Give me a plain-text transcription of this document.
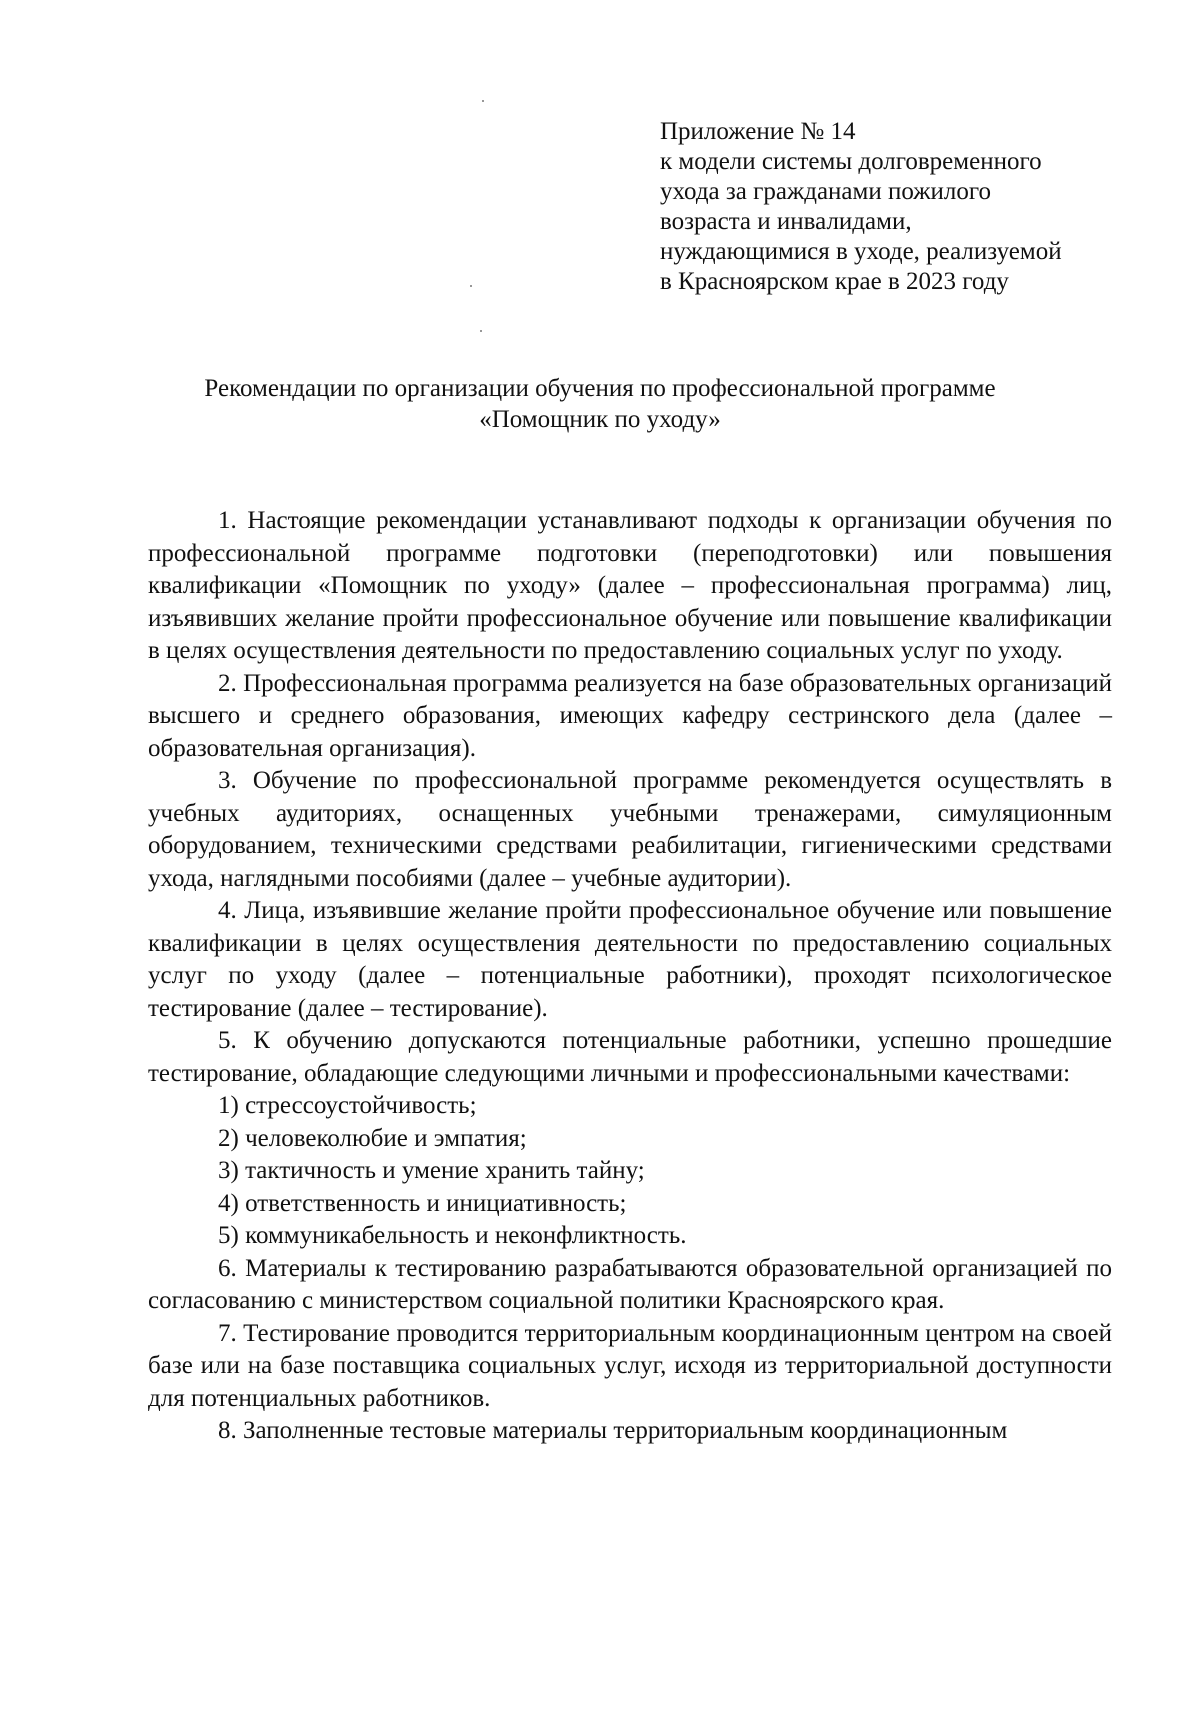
Приложение № 14
к модели системы долговременного
ухода за гражданами пожилого
возраста и инвалидами,
нуждающимися в уходе, реализуемой
в Красноярском крае в 2023 году
Рекомендации по организации обучения по профессиональной программе
«Помощник по уходу»

1. Настоящие рекомендации устанавливают подходы к организации обучения по профессиональной программе подготовки (переподготовки) или повышения квалификации «Помощник по уходу» (далее – профессиональная программа) лиц, изъявивших желание пройти профессиональное обучение или повышение квалификации в целях осуществления деятельности по предоставлению социальных услуг по уходу.

2. Профессиональная программа реализуется на базе образовательных организаций высшего и среднего образования, имеющих кафедру сестринского дела (далее – образовательная организация).

3. Обучение по профессиональной программе рекомендуется осуществлять в учебных аудиториях, оснащенных учебными тренажерами, симуляционным оборудованием, техническими средствами реабилитации, гигиеническими средствами ухода, наглядными пособиями (далее – учебные аудитории).

4. Лица, изъявившие желание пройти профессиональное обучение или повышение квалификации в целях осуществления деятельности по предоставлению социальных услуг по уходу (далее – потенциальные работники), проходят психологическое тестирование (далее – тестирование).

5. К обучению допускаются потенциальные работники, успешно прошедшие тестирование, обладающие следующими личными и профессиональными качествами:

1) стрессоустойчивость;

2) человеколюбие и эмпатия;

3) тактичность и умение хранить тайну;

4) ответственность и инициативность;

5) коммуникабельность и неконфликтность.

6. Материалы к тестированию разрабатываются образовательной организацией по согласованию с министерством социальной политики Красноярского края.

7. Тестирование проводится территориальным координационным центром на своей базе или на базе поставщика социальных услуг, исходя из территориальной доступности для потенциальных работников.

8. Заполненные тестовые материалы территориальным координационным
